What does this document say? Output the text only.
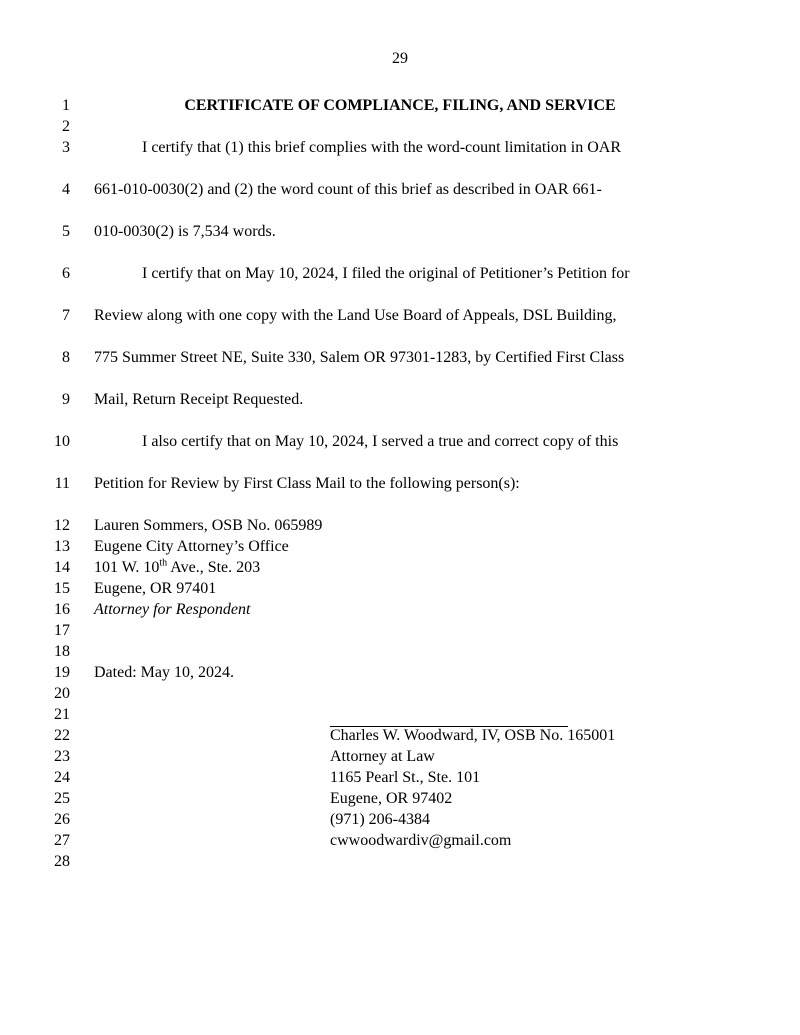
29
1
2
3
4
5
6
7
8
9
10
11
12
13
14
15
16
17
18
19
20
21
22
23
24
25
26
27
28
CERTIFICATE OF COMPLIANCE, FILING, AND SERVICE
I certify that (1) this brief complies with the word-count limitation in OAR
661-010-0030(2) and (2) the word count of this brief as described in OAR 661-
010-0030(2) is 7,534 words.
I certify that on May 10, 2024, I filed the original of Petitioner’s Petition for
Review along with one copy with the Land Use Board of Appeals, DSL Building,
775 Summer Street NE, Suite 330, Salem OR 97301-1283, by Certified First Class
Mail, Return Receipt Requested.
I also certify that on May 10, 2024, I served a true and correct copy of this
Petition for Review by First Class Mail to the following person(s):
Lauren Sommers, OSB No. 065989
Eugene City Attorney’s Office
101 W. 10th Ave., Ste. 203
Eugene, OR 97401
Attorney for Respondent
Dated: May 10, 2024.
Charles W. Woodward, IV, OSB No. 165001
Attorney at Law
1165 Pearl St., Ste. 101
Eugene, OR 97402
(971) 206-4384
cwwoodwardiv@gmail.com
